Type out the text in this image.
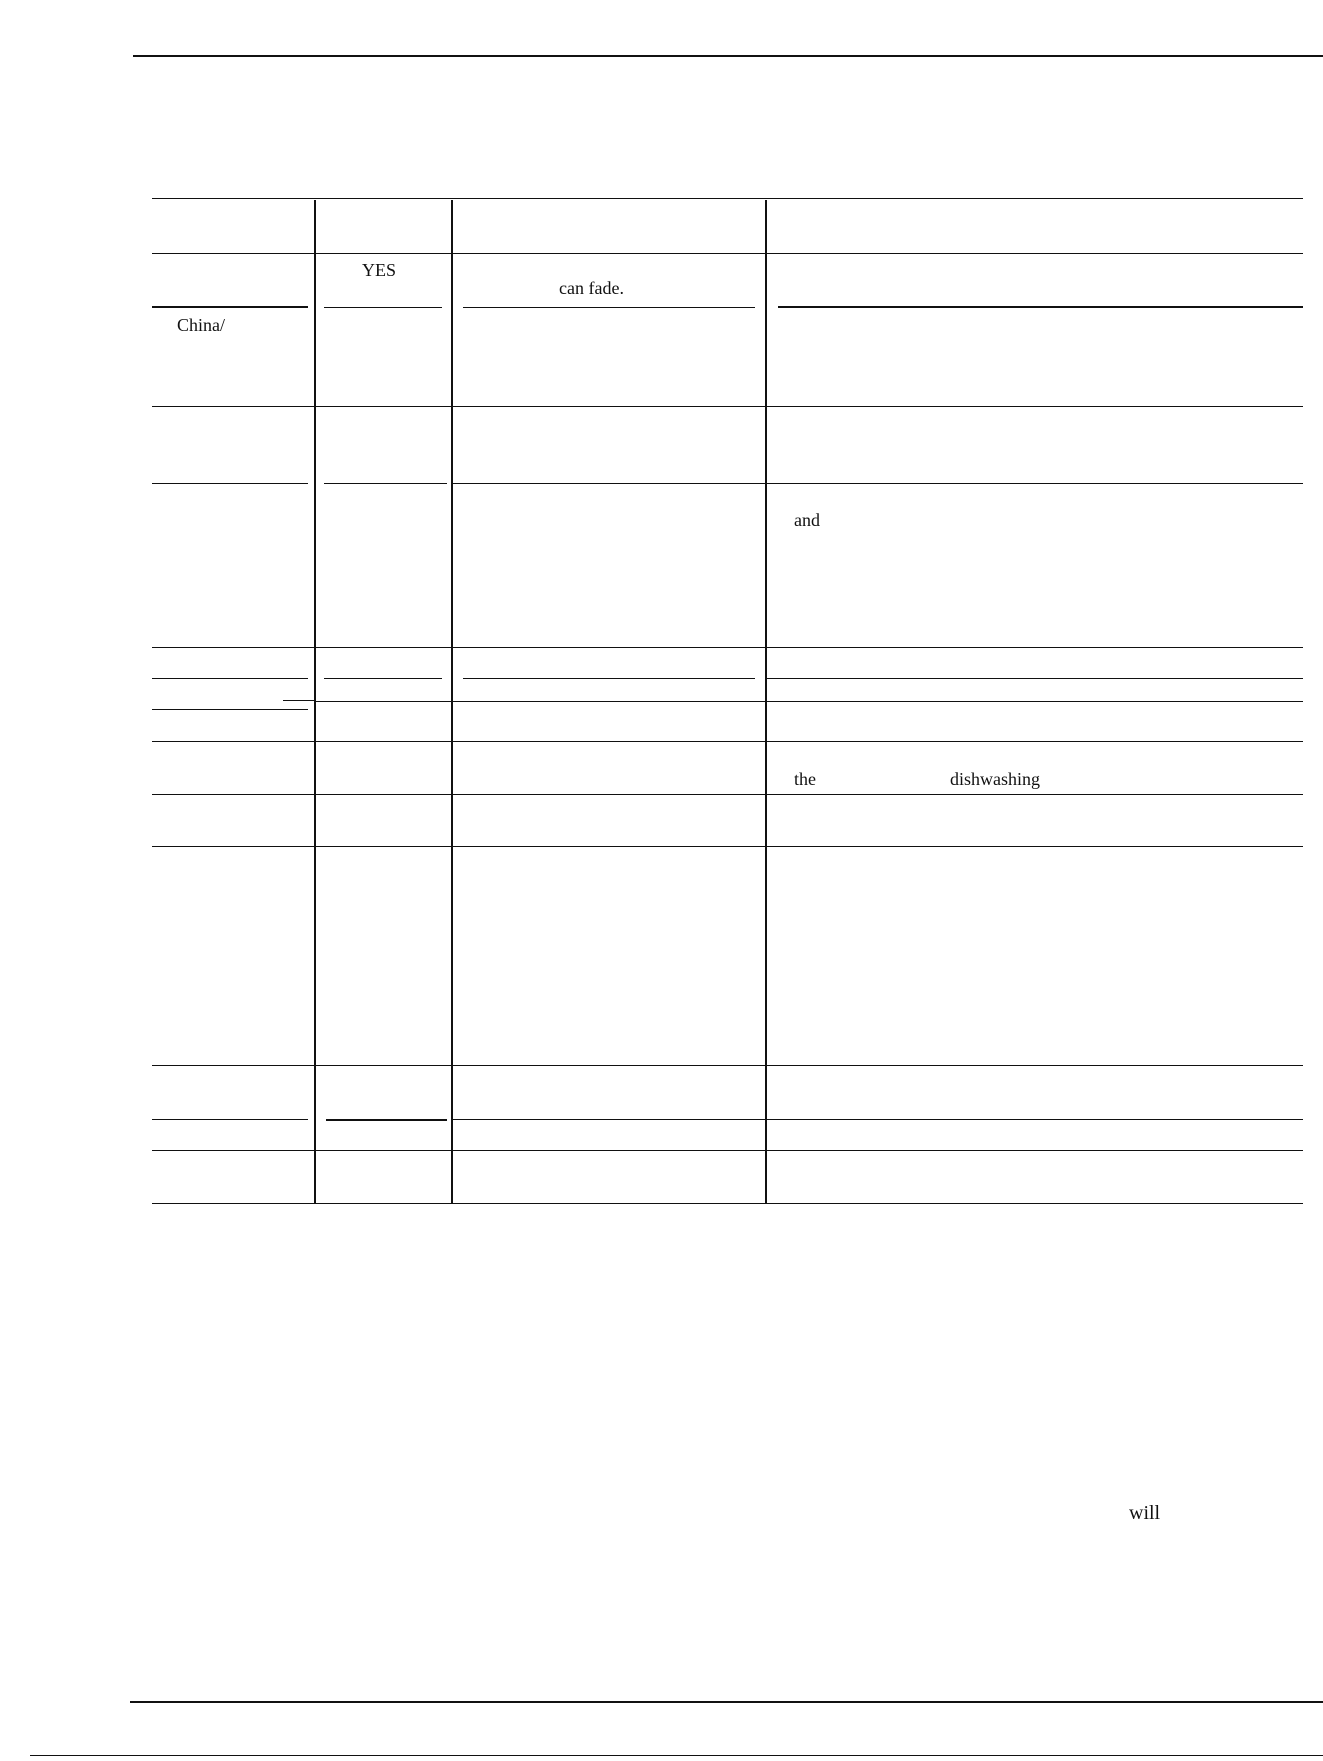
YES
can fade.
China/
and
the	dishwashing
will
